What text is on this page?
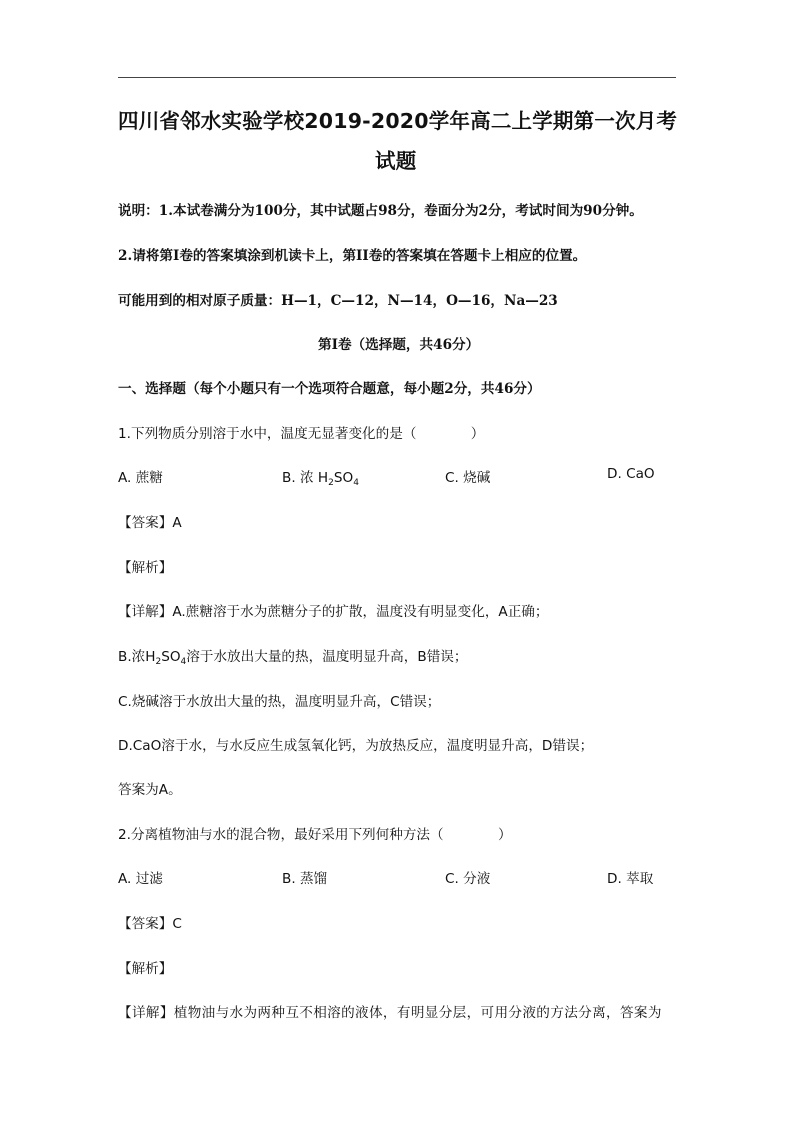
四川省邻水实验学校2019-2020学年高二上学期第一次月考
试题
说明：1.本试卷满分为100分，其中试题占98分，卷面分为2分，考试时间为90分钟。
2.请将第I卷的答案填涂到机读卡上，第II卷的答案填在答题卡上相应的位置。
可能用到的相对原子质量：H—1，C—12，N—14，O—16，Na—23
第I卷（选择题，共46分）
一、选择题（每个小题只有一个选项符合题意，每小题2分，共46分）
1.下列物质分别溶于水中，温度无显著变化的是（　　　　）
A. 蔗糖	B. 浓 $H_2SO_4$	C. 烧碱	D. CaO
【答案】A
【解析】
【详解】A.蔗糖溶于水为蔗糖分子的扩散，温度没有明显变化，A正确；
B.浓$H_2SO_4$溶于水放出大量的热，温度明显升高，B错误；
C.烧碱溶于水放出大量的热，温度明显升高，C错误；
D.CaO溶于水，与水反应生成氢氧化钙，为放热反应，温度明显升高，D错误；
答案为A。
2.分离植物油与水的混合物，最好采用下列何种方法（　　　　）
A. 过滤	B. 蒸馏	C. 分液	D. 萃取
【答案】C
【解析】
【详解】植物油与水为两种互不相溶的液体，有明显分层，可用分液的方法分离，答案为
